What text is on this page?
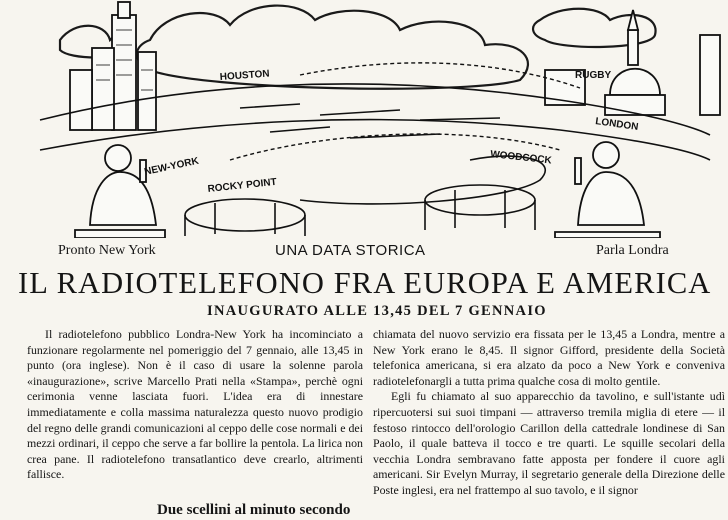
HOUSTON
NEW-YORK
ROCKY POINT
RUGBY
LONDON
WOODCOCK
Pronto New York	UNA DATA STORICA	Parla Londra
IL RADIOTELEFONO FRA EUROPA E AMERICA
INAUGURATO ALLE 13,45 DEL 7 GENNAIO

Il radiotelefono pubblico Londra-New York ha incominciato a funzionare regolarmente nel pomeriggio del 7 gennaio, alle 13,45 in punto (ora inglese). Non è il caso di usare la solenne parola «inaugurazione», scrive Marcello Prati nella «Stampa», perchè ogni cerimonia venne lasciata fuori. L'idea era di innestare immediatamente e colla massima naturalezza questo nuovo prodigio del regno delle grandi comunicazioni al ceppo delle cose normali e dei mezzi ordinari, il ceppo che serve a far bollire la pentola. La lirica non crea pane. Il radiotelefono transatlantico deve crearlo, altrimenti fallisce.

Due scellini al minuto secondo

chiamata del nuovo servizio era fissata per le 13,45 a Londra, mentre a New York erano le 8,45. Il signor Gifford, presidente della Società telefonica americana, si era alzato da poco a New York e conveniva radiotelefonargli a tutta prima qualche cosa di molto gentile.

Egli fu chiamato al suo apparecchio da tavolino, e sull'istante udì ripercuotersi sui suoi timpani — attraverso tremila miglia di etere — il festoso rintocco dell'orologio Carillon della cattedrale londinese di San Paolo, il quale batteva il tocco e tre quarti. Le squille secolari della vecchia Londra sembravano fatte apposta per fondere il cuore agli americani. Sir Evelyn Murray, il segretario generale della Direzione delle Poste inglesi, era nel frattempo al suo tavolo, e il signor
